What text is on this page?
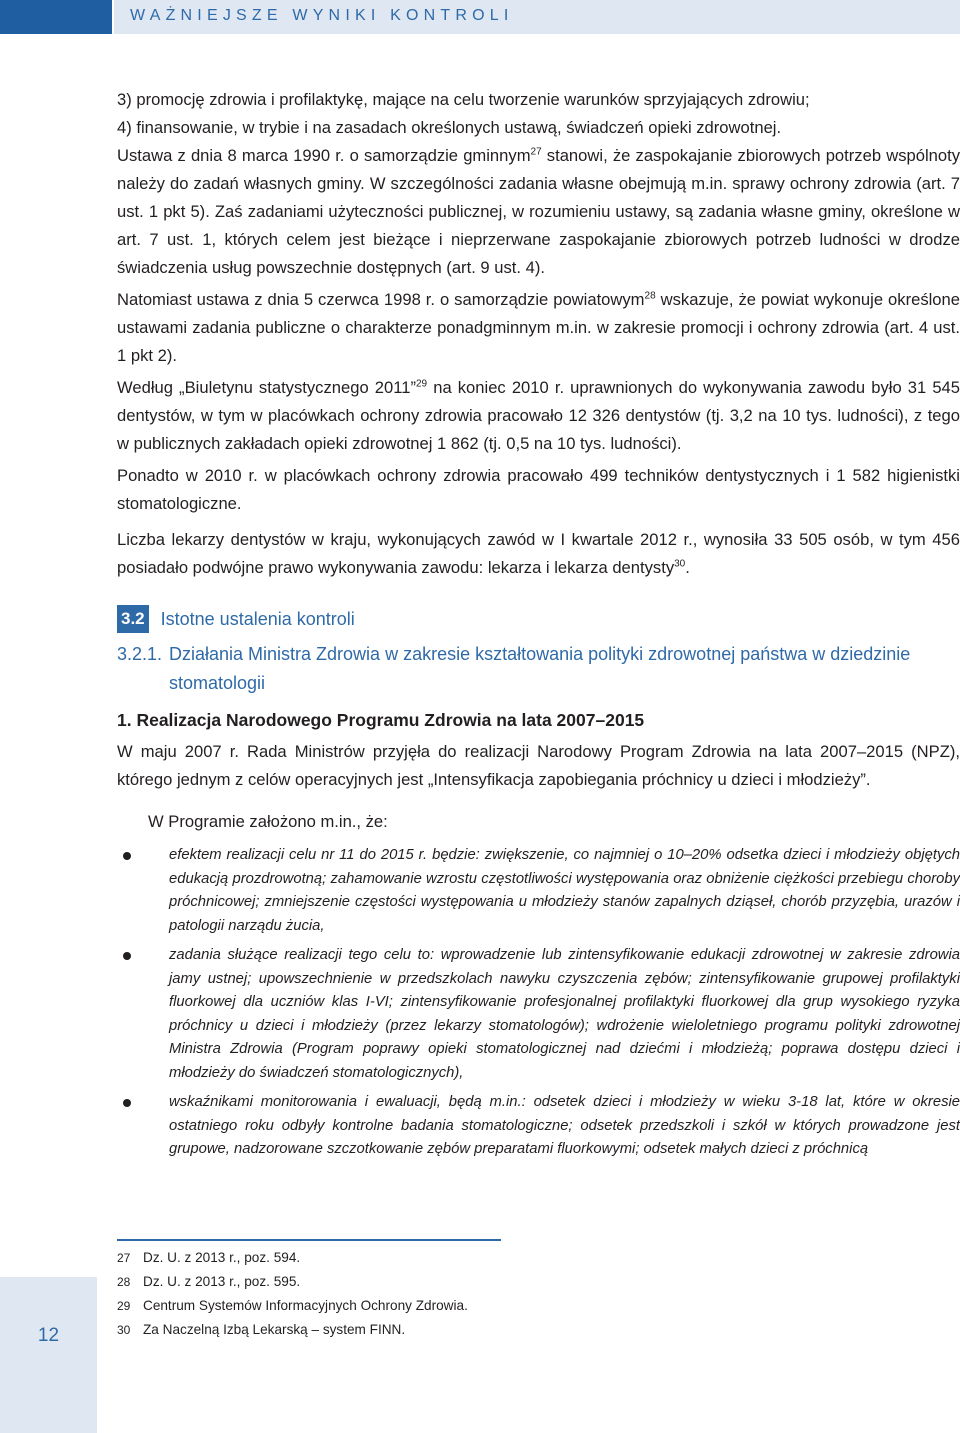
WAŻNIEJSZE WYNIKI KONTROLI

3) promocję zdrowia i profilaktykę, mające na celu tworzenie warunków sprzyjających zdrowiu;

4) finansowanie, w trybie i na zasadach określonych ustawą, świadczeń opieki zdrowotnej.

Ustawa z dnia 8 marca 1990 r. o samorządzie gminnym$^{27}$ stanowi, że zaspokajanie zbiorowych potrzeb wspólnoty należy do zadań własnych gminy. W szczególności zadania własne obejmują m.in. sprawy ochrony zdrowia (art. 7 ust. 1 pkt 5). Zaś zadaniami użyteczności publicznej, w rozumieniu ustawy, są zadania własne gminy, określone w art. 7 ust. 1, których celem jest bieżące i nieprzerwane zaspokajanie zbiorowych potrzeb ludności w drodze świadczenia usług powszechnie dostępnych (art. 9 ust. 4).

Natomiast ustawa z dnia 5 czerwca 1998 r. o samorządzie powiatowym$^{28}$ wskazuje, że powiat wykonuje określone ustawami zadania publiczne o charakterze ponadgminnym m.in. w zakresie promocji i ochrony zdrowia (art. 4 ust. 1 pkt 2).

Według „Biuletynu statystycznego 2011”$^{29}$ na koniec 2010 r. uprawnionych do wykonywania zawodu było 31 545 dentystów, w tym w placówkach ochrony zdrowia pracowało 12 326 dentystów (tj. 3,2 na 10 tys. ludności), z tego w publicznych zakładach opieki zdrowotnej 1 862 (tj. 0,5 na 10 tys. ludności).

Ponadto w 2010 r. w placówkach ochrony zdrowia pracowało 499 techników dentystycznych i 1 582 higienistki stomatologiczne.

Liczba lekarzy dentystów w kraju, wykonujących zawód w I kwartale 2012 r., wynosiła 33 505 osób, w tym 456 posiadało podwójne prawo wykonywania zawodu: lekarza i lekarza dentysty$^{30}$.

3.2 Istotne ustalenia kontroli
3.2.1. Działania Ministra Zdrowia w zakresie kształtowania polityki zdrowotnej państwa w dziedzinie stomatologii

1. Realizacja Narodowego Programu Zdrowia na lata 2007–2015

W maju 2007 r. Rada Ministrów przyjęła do realizacji Narodowy Program Zdrowia na lata 2007–2015 (NPZ), którego jednym z celów operacyjnych jest „Intensyfikacja zapobiegania próchnicy u dzieci i młodzieży”.

W Programie założono m.in., że:

efektem realizacji celu nr 11 do 2015 r. będzie: zwiększenie, co najmniej o 10–20% odsetka dzieci i młodzieży objętych edukacją prozdrowotną; zahamowanie wzrostu częstotliwości występowania oraz obniżenie ciężkości przebiegu choroby próchnicowej; zmniejszenie częstości występowania u młodzieży stanów zapalnych dziąseł, chorób przyzębia, urazów i patologii narządu żucia,
zadania służące realizacji tego celu to: wprowadzenie lub zintensyfikowanie edukacji zdrowotnej w zakresie zdrowia jamy ustnej; upowszechnienie w przedszkolach nawyku czyszczenia zębów; zintensyfikowanie grupowej profilaktyki fluorkowej dla uczniów klas I-VI; zintensyfikowanie profesjonalnej profilaktyki fluorkowej dla grup wysokiego ryzyka próchnicy u dzieci i młodzieży (przez lekarzy stomatologów); wdrożenie wieloletniego programu polityki zdrowotnej Ministra Zdrowia (Program poprawy opieki stomatologicznej nad dziećmi i młodzieżą; poprawa dostępu dzieci i młodzieży do świadczeń stomatologicznych),
wskaźnikami monitorowania i ewaluacji, będą m.in.: odsetek dzieci i młodzieży w wieku 3-18 lat, które w okresie ostatniego roku odbyły kontrolne badania stomatologiczne; odsetek przedszkoli i szkół w których prowadzone jest grupowe, nadzorowane szczotkowanie zębów preparatami fluorkowymi; odsetek małych dzieci z próchnicą
27 Dz. U. z 2013 r., poz. 594.
28 Dz. U. z 2013 r., poz. 595.
29 Centrum Systemów Informacyjnych Ochrony Zdrowia.
30 Za Naczelną Izbą Lekarską – system FINN.
12
